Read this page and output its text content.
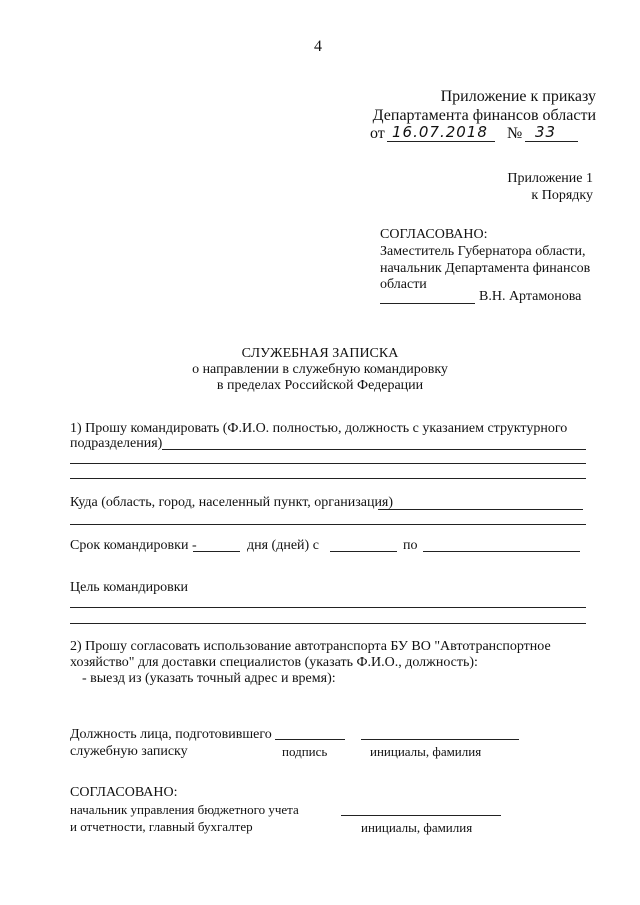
4
Приложение к приказу
Департамента финансов области
от 16.07.2018 № 33
Приложение 1
к Порядку
СОГЛАСОВАНО:
Заместитель Губернатора области,
начальник Департамента финансов
области
В.Н. Артамонова
СЛУЖЕБНАЯ ЗАПИСКА
о направлении в служебную командировку
в пределах Российской Федерации
1) Прошу командировать (Ф.И.О. полностью, должность с указанием структурного
подразделения)
Куда (область, город, населенный пункт, организация)
Срок командировки -	дня (дней) с	по
Цель командировки
2) Прошу согласовать использование автотранспорта БУ ВО "Автотранспортное
хозяйство" для доставки специалистов (указать Ф.И.О., должность):
- выезд из (указать точный адрес и время):
Должность лица, подготовившего
служебную записку	подпись	инициалы, фамилия
СОГЛАСОВАНО:
начальник управления бюджетного учета
и отчетности, главный бухгалтер	инициалы, фамилия
